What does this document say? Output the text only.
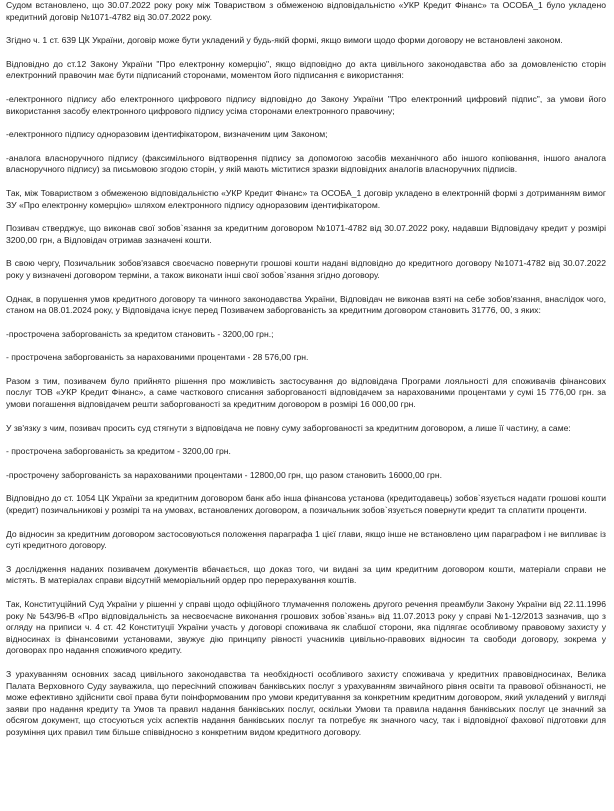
Судом встановлено, що 30.07.2022 року року між Товариством з обмеженою відповідальністю «УКР Кредит Фінанс» та ОСОБА_1 було укладено кредитний договір №1071-4782 від 30.07.2022 року.

Згідно ч. 1 ст. 639 ЦК України, договір може бути укладений у будь-якій формі, якщо вимоги щодо форми договору не встановлені законом.

Відповідно до ст.12 Закону України "Про електронну комерцію", якщо відповідно до акта цивільного законодавства або за домовленістю сторін електронний правочин має бути підписаний сторонами, моментом його підписання є використання:

-електронного підпису або електронного цифрового підпису відповідно до Закону України "Про електронний цифровий підпис", за умови його використання засобу електронного цифрового підпису усіма сторонами електронного правочину;

-електронного підпису одноразовим ідентифікатором, визначеним цим Законом;

-аналога власноручного підпису (факсимільного відтворення підпису за допомогою засобів механічного або іншого копіювання, іншого аналога власноручного підпису) за письмовою згодою сторін, у якій мають міститися зразки відповідних аналогів власноручних підписів.

Так, між Товариством з обмеженою відповідальністю «УКР Кредит Фінанс» та ОСОБА_1 договір укладено в електронній формі з дотриманням вимог ЗУ «Про електронну комерцію» шляхом електронного підпису одноразовим ідентифікатором.

Позивач стверджує, що виконав свої зобов`язання за кредитним договором №1071-4782 від 30.07.2022 року, надавши Відповідачу кредит у розмірі 3200,00 грн, а Відповідач отримав зазначені кошти.

В свою чергу, Позичальник зобов'язався своєчасно повернути грошові кошти надані відповідно до кредитного договору №1071-4782 від 30.07.2022 року у визначені договором терміни, а також виконати інші свої зобов`язання згідно договору.

Однак, в порушення умов кредитного договору та чинного законодавства України, Відповідач не виконав взяті на себе зобов'язання, внаслідок чого, станом на 08.01.2024 року, у Відповідача існує перед Позивачем заборгованість за кредитним договором становить 31776, 00, з яких:

-прострочена заборгованість за кредитом становить - 3200,00 грн.;

- прострочена заборгованість за нарахованими процентами - 28 576,00 грн.

Разом з тим, позивачем було прийнято рішення про можливість застосування до відповідача Програми лояльності для споживачів фінансових послуг ТОВ «УКР Кредит Фінанс», а саме часткового списання заборгованості відповідачем за нарахованими процентами у сумі 15 776,00 грн. за умови погашення відповідачем решти заборгованості за кредитним договором в розмірі 16 000,00 грн.

У зв'язку з чим, позивач просить суд стягнути з відповідача не повну суму заборгованості за кредитним договором, а лише її частину, а саме:

- прострочена заборгованість за кредитом - 3200,00 грн.

-прострочену заборгованість за нарахованими процентами - 12800,00 грн, що разом становить 16000,00 грн.

Відповідно до ст. 1054 ЦК України за кредитним договором банк або інша фінансова установа (кредитодавець) зобов`язується надати грошові кошти (кредит) позичальникові у розмірі та на умовах, встановлених договором, а позичальник зобов`язується повернути кредит та сплатити проценти.

До відносин за кредитним договором застосовуються положення параграфа 1 цієї глави, якщо інше не встановлено цим параграфом і не випливає із суті кредитного договору.

З дослідження наданих позивачем документів вбачається, що доказ того, чи видані за цим кредитним договором кошти, матеріали справи не містять. В матеріалах справи відсутній меморіальний ордер про перерахування коштів.

Так, Конституційний Суд України у рішенні у справі щодо офіційного тлумачення положень другого речення преамбули Закону України від 22.11.1996 року № 543/96-В «Про відповідальність за несвоєчасне виконання грошових зобов`язань» від 11.07.2013 року у справі №1-12/2013 зазначив, що з огляду на приписи ч. 4 ст. 42 Конституції України участь у договорі споживача як слабшої сторони, яка підлягає особливому правовому захисту у відносинах із фінансовими установами, звужує дію принципу рівності учасників цивільно-правових відносин та свободи договору, зокрема у договорах про надання споживчого кредиту.

З урахуванням основних засад цивільного законодавства та необхідності особливого захисту споживача у кредитних правовідносинах, Велика Палата Верховного Суду зауважила, що пересічний споживач банківських послуг з урахуванням звичайного рівня освіти та правової обізнаності, не може ефективно здійснити свої права бути поінформованим про умови кредитування за конкретним кредитним договором, який укладений у вигляді заяви про надання кредиту та Умов та правил надання банківських послуг, оскільки Умови та правила надання банківських послуг це значний за обсягом документ, що стосуються усіх аспектів надання банківських послуг та потребує як значного часу, так і відповідної фахової підготовки для розуміння цих правил тим більше співвідносно з конкретним видом кредитного договору.
